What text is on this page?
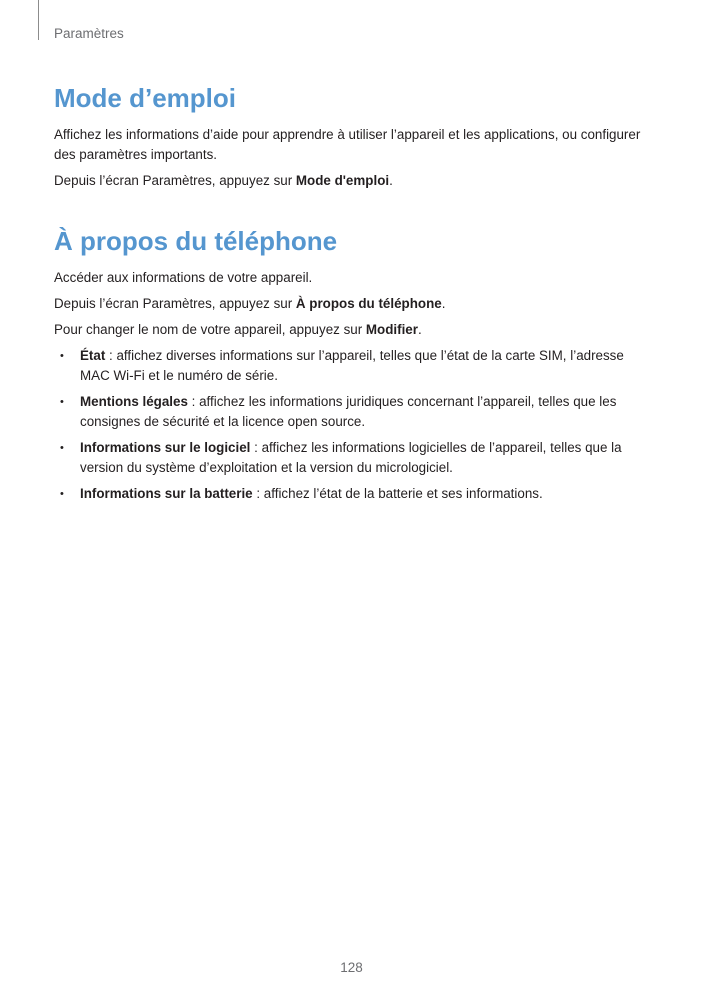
Paramètres
Mode d’emploi

Affichez les informations d’aide pour apprendre à utiliser l’appareil et les applications, ou configurer des paramètres importants.

Depuis l’écran Paramètres, appuyez sur Mode d'emploi.

À propos du téléphone

Accéder aux informations de votre appareil.

Depuis l’écran Paramètres, appuyez sur À propos du téléphone.

Pour changer le nom de votre appareil, appuyez sur Modifier.

• État : affichez diverses informations sur l’appareil, telles que l’état de la carte SIM, l’adresse MAC Wi-Fi et le numéro de série.
• Mentions légales : affichez les informations juridiques concernant l’appareil, telles que les consignes de sécurité et la licence open source.
• Informations sur le logiciel : affichez les informations logicielles de l’appareil, telles que la version du système d’exploitation et la version du micrologiciel.
• Informations sur la batterie : affichez l’état de la batterie et ses informations.
128
